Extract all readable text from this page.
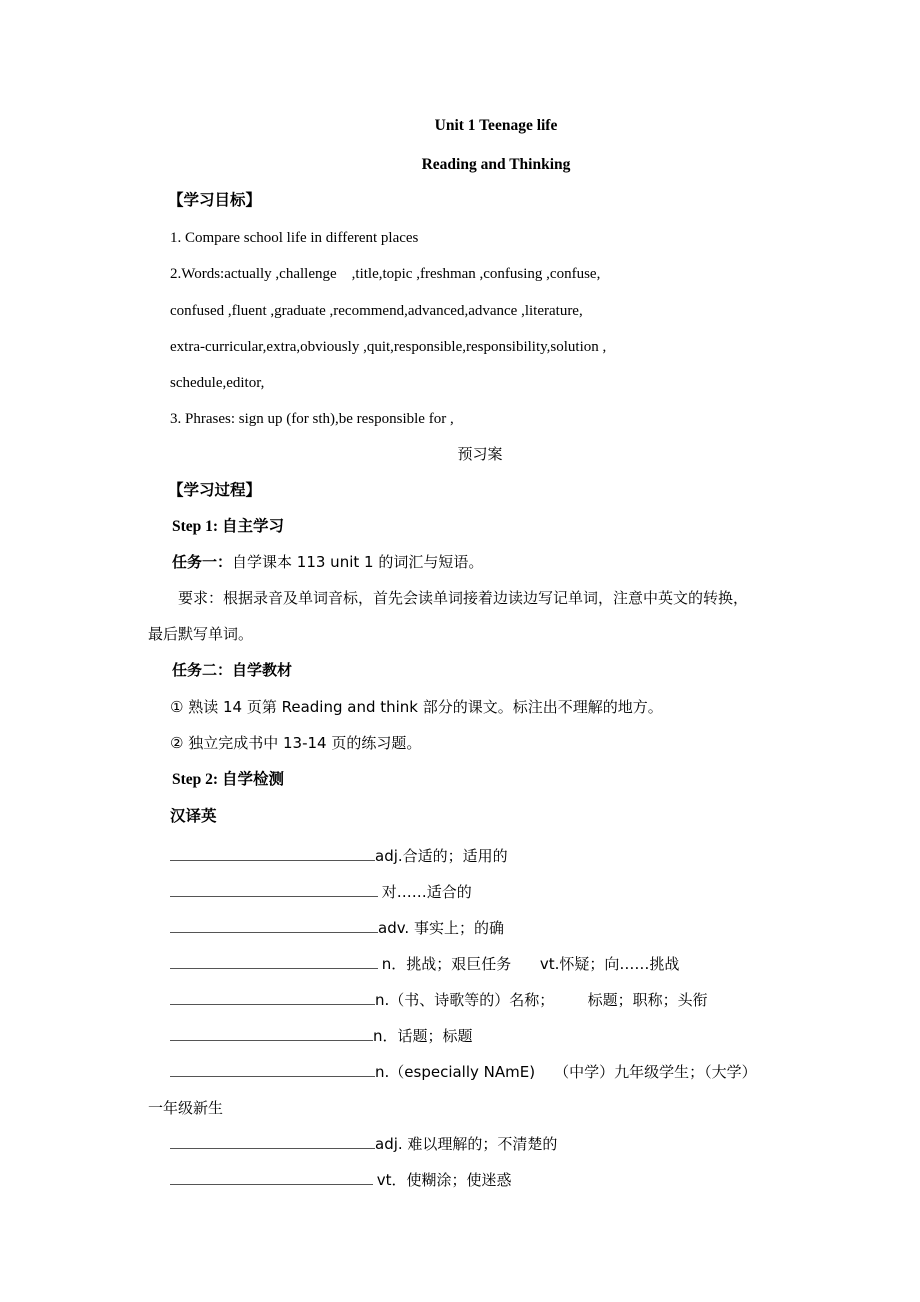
Unit 1 Teenage life
Reading and Thinking
【学习目标】
1. Compare school life in different places
2.Words:actually ,challenge    ,title,topic ,freshman ,confusing ,confuse,
confused ,fluent ,graduate ,recommend,advanced,advance ,literature,
extra-curricular,extra,obviously ,quit,responsible,responsibility,solution ,
schedule,editor,
3. Phrases: sign up (for sth),be responsible for ,
预习案
【学习过程】
Step 1: 自主学习
任务一：自学课本 113 unit 1 的词汇与短语。
要求：根据录音及单词音标，首先会读单词接着边读边写记单词，注意中英文的转换，
最后默写单词。
任务二：自学教材
① 熟读 14 页第 Reading and think 部分的课文。标注出不理解的地方。
② 独立完成书中 13-14 页的练习题。
Step 2: 自学检测
汉译英
adj.合适的；适用的
对……适合的
adv. 事实上；的确
n．挑战；艰巨任务      vt.怀疑；向……挑战
n.（书、诗歌等的）名称；       标题；职称；头衔
n．话题；标题
n.（especially NAmE)    （中学）九年级学生；（大学）
一年级新生
adj. 难以理解的；不清楚的
vt．使糊涂；使迷惑
